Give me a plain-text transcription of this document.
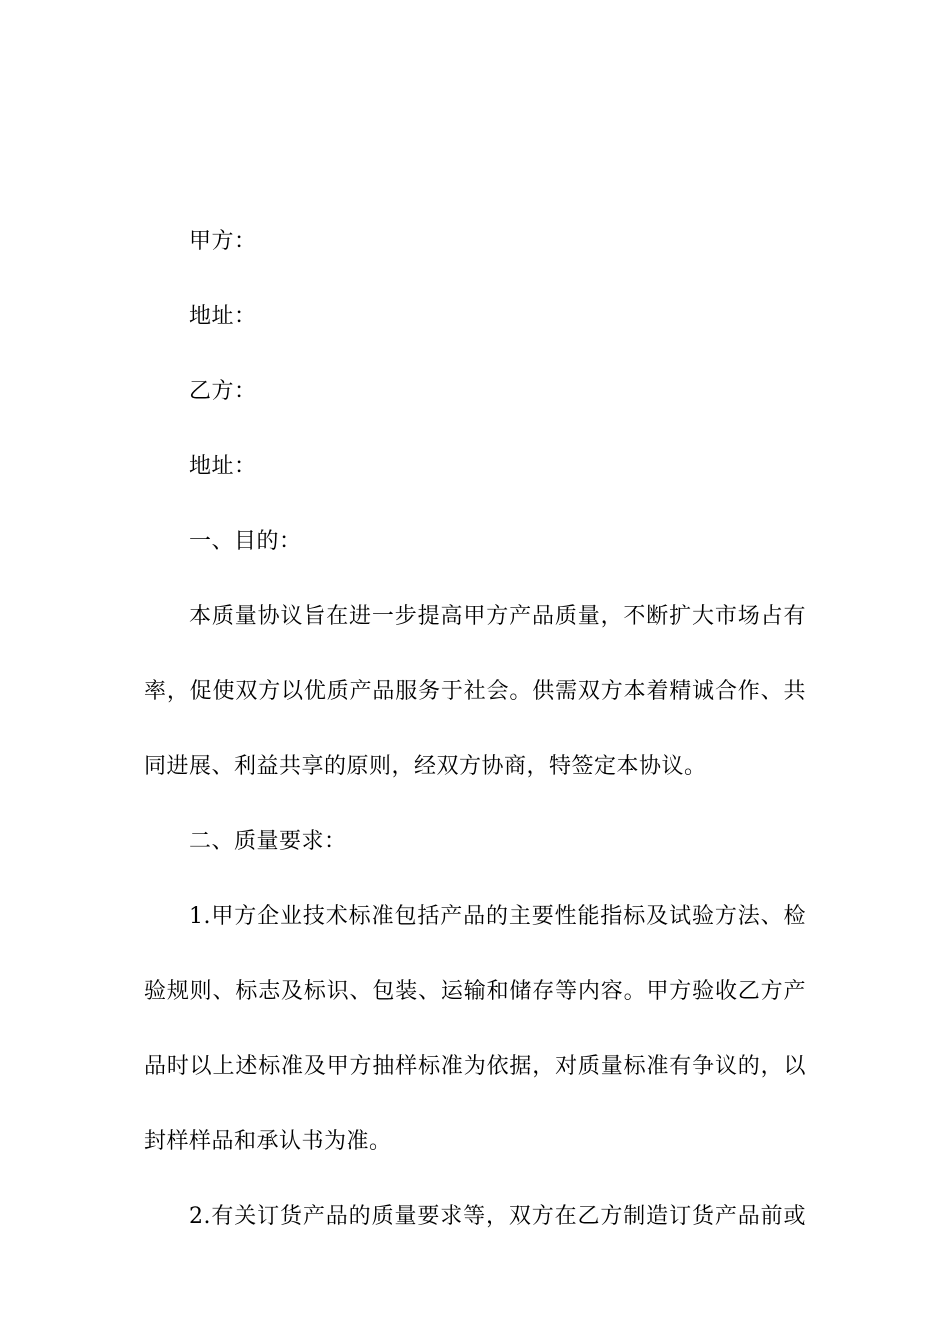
甲方：
地址：
乙方：
地址：
一、目的：
本质量协议旨在进一步提高甲方产品质量，不断扩大市场占有
率，促使双方以优质产品服务于社会。供需双方本着精诚合作、共
同进展、利益共享的原则，经双方协商，特签定本协议。
二、质量要求：
1.甲方企业技术标准包括产品的主要性能指标及试验方法、检
验规则、标志及标识、包装、运输和储存等内容。甲方验收乙方产
品时以上述标准及甲方抽样标准为依据，对质量标准有争议的，以
封样样品和承认书为准。
2.有关订货产品的质量要求等，双方在乙方制造订货产品前或
